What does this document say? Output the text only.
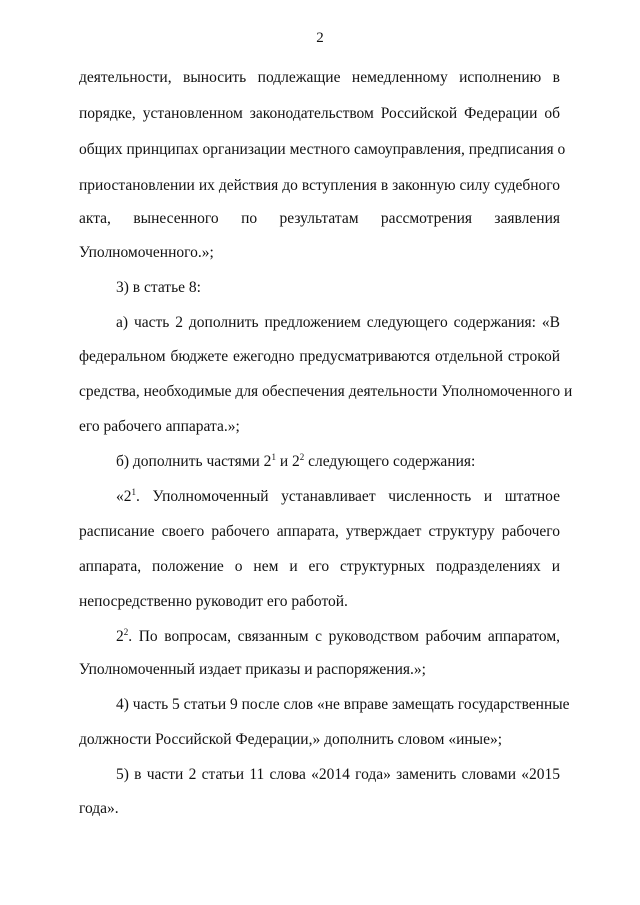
2
деятельности, выносить подлежащие немедленному исполнению в
порядке, установленном законодательством Российской Федерации об
общих принципах организации местного самоуправления, предписания о
приостановлении их действия до вступления в законную силу судебного
акта, вынесенного по результатам рассмотрения заявления
Уполномоченного.»;
3) в статье 8:
а) часть 2 дополнить предложением следующего содержания: «В
федеральном бюджете ежегодно предусматриваются отдельной строкой
средства, необходимые для обеспечения деятельности Уполномоченного и
его рабочего аппарата.»;
б) дополнить частями $2^1$ и $2^2$ следующего содержания:
«$2^1$. Уполномоченный устанавливает численность и штатное
расписание своего рабочего аппарата, утверждает структуру рабочего
аппарата, положение о нем и его структурных подразделениях и
непосредственно руководит его работой.
$2^2$. По вопросам, связанным с руководством рабочим аппаратом,
Уполномоченный издает приказы и распоряжения.»;
4) часть 5 статьи 9 после слов «не вправе замещать государственные
должности Российской Федерации,» дополнить словом «иные»;
5) в части 2 статьи 11 слова «2014 года» заменить словами «2015
года».
